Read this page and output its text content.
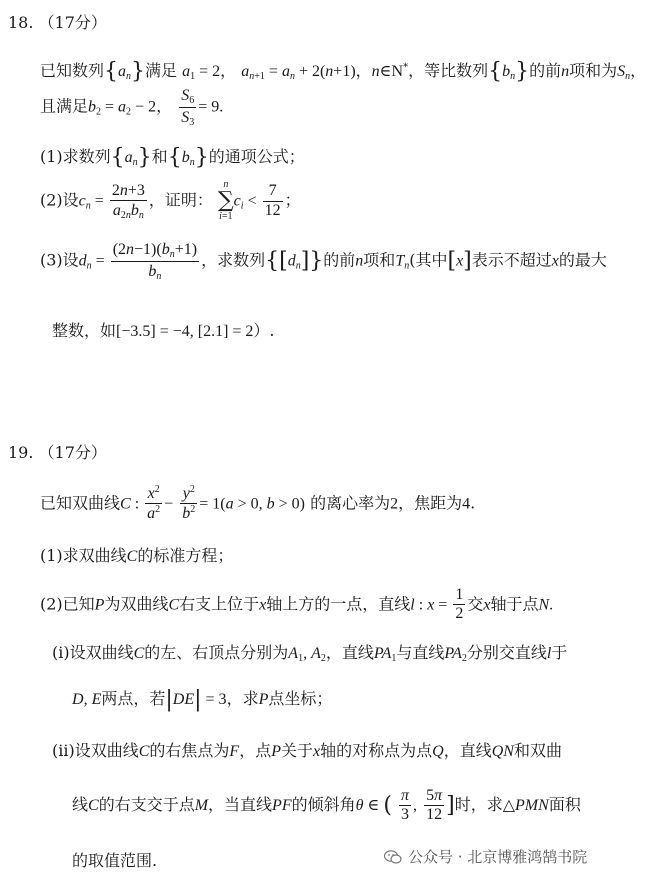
18. （17分）
已知数列$\{a_n\}$满足 $a_1 = 2$， $a_{n+1} = a_n + 2(n+1)$，n∈N*，等比数列$\{b_n\}$的前n项和为$S_n$，
且满足$b_2 = a_2 - 2$， $\frac{S_6}{S_3} = 9$.
(1)求数列$\{a_n\}$和$\{b_n\}$的通项公式；
(2)设$c_n = \frac{2n+3}{a_{2n}b_n}$ ，证明： n
∑
$i=1c_i < \frac{7}{12}$ ；
(3)设$d_n = \frac{(2n-1)(b_n+1)}{b_n}$ ，求数列$\{[d_n]\}$的前n项和$T_n$(其中[x]表示不超过x的最大
整数，如[−3.5] = −4, [2.1] = 2）.
19. （17分）
已知双曲线C : $\frac{x^2}{a^2} - \frac{y^2}{b^2} = 1(a > 0$, b > 0) 的离心率为2，焦距为4.
(1)求双曲线C的标准方程；
(2)已知P为双曲线C右支上位于x轴上方的一点，直线l : $x = \frac{1}{2}$ 交x轴于点N.
(i)设双曲线C的左、右顶点分别为$A_1$, $A_2$，直线$PA_1$与直线$PA_2$分别交直线l于
D, E两点，若|DE| = 3，求P点坐标；
(ii)设双曲线C的右焦点为F，点P关于x轴的对称点为点Q，直线QN和双曲
线C的右支交于点M，当直线PF的倾斜角θ ∈ ( $\frac{\pi}{3}$ , $\frac{5\pi}{12}$ ]时，求△PMN面积
的取值范围.	公众号 · 北京博雅鸿鹄书院
